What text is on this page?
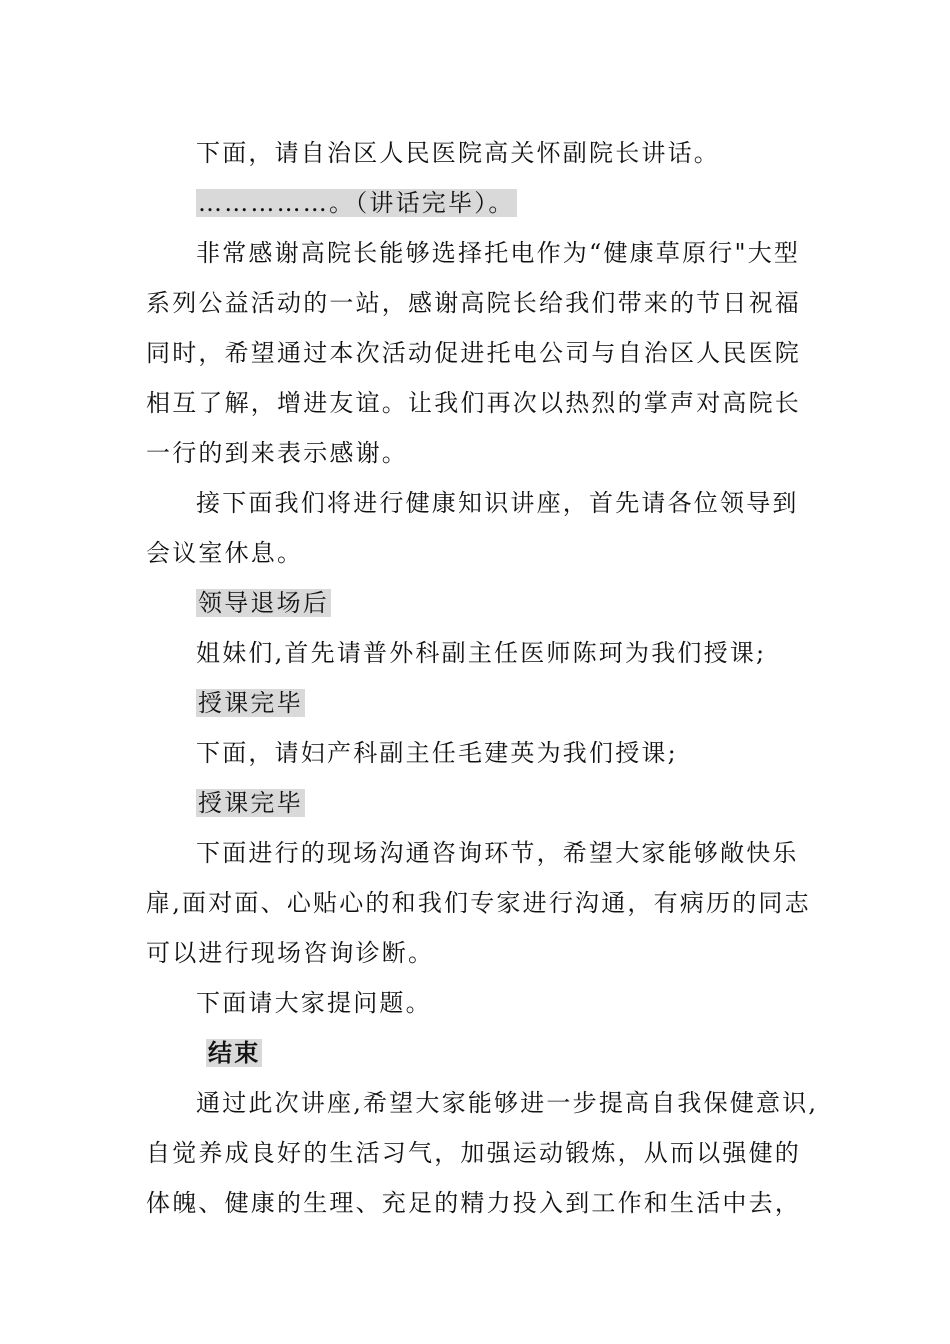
下面，请自治区人民医院高关怀副院长讲话。
……………。（讲话完毕）。
非常感谢高院长能够选择托电作为“健康草原行"大型
系列公益活动的一站，感谢高院长给我们带来的节日祝福
同时，希望通过本次活动促进托电公司与自治区人民医院
相互了解，增进友谊。让我们再次以热烈的掌声对高院长
一行的到来表示感谢。
接下面我们将进行健康知识讲座，首先请各位领导到
会议室休息。
领导退场后
姐妹们,首先请普外科副主任医师陈珂为我们授课;
授课完毕
下面，请妇产科副主任毛建英为我们授课;
授课完毕
下面进行的现场沟通咨询环节，希望大家能够敞快乐
扉,面对面、心贴心的和我们专家进行沟通，有病历的同志
可以进行现场咨询诊断。
下面请大家提问题。
结束
通过此次讲座,希望大家能够进一步提高自我保健意识,
自觉养成良好的生活习气，加强运动锻炼，从而以强健的
体魄、健康的生理、充足的精力投入到工作和生活中去，
